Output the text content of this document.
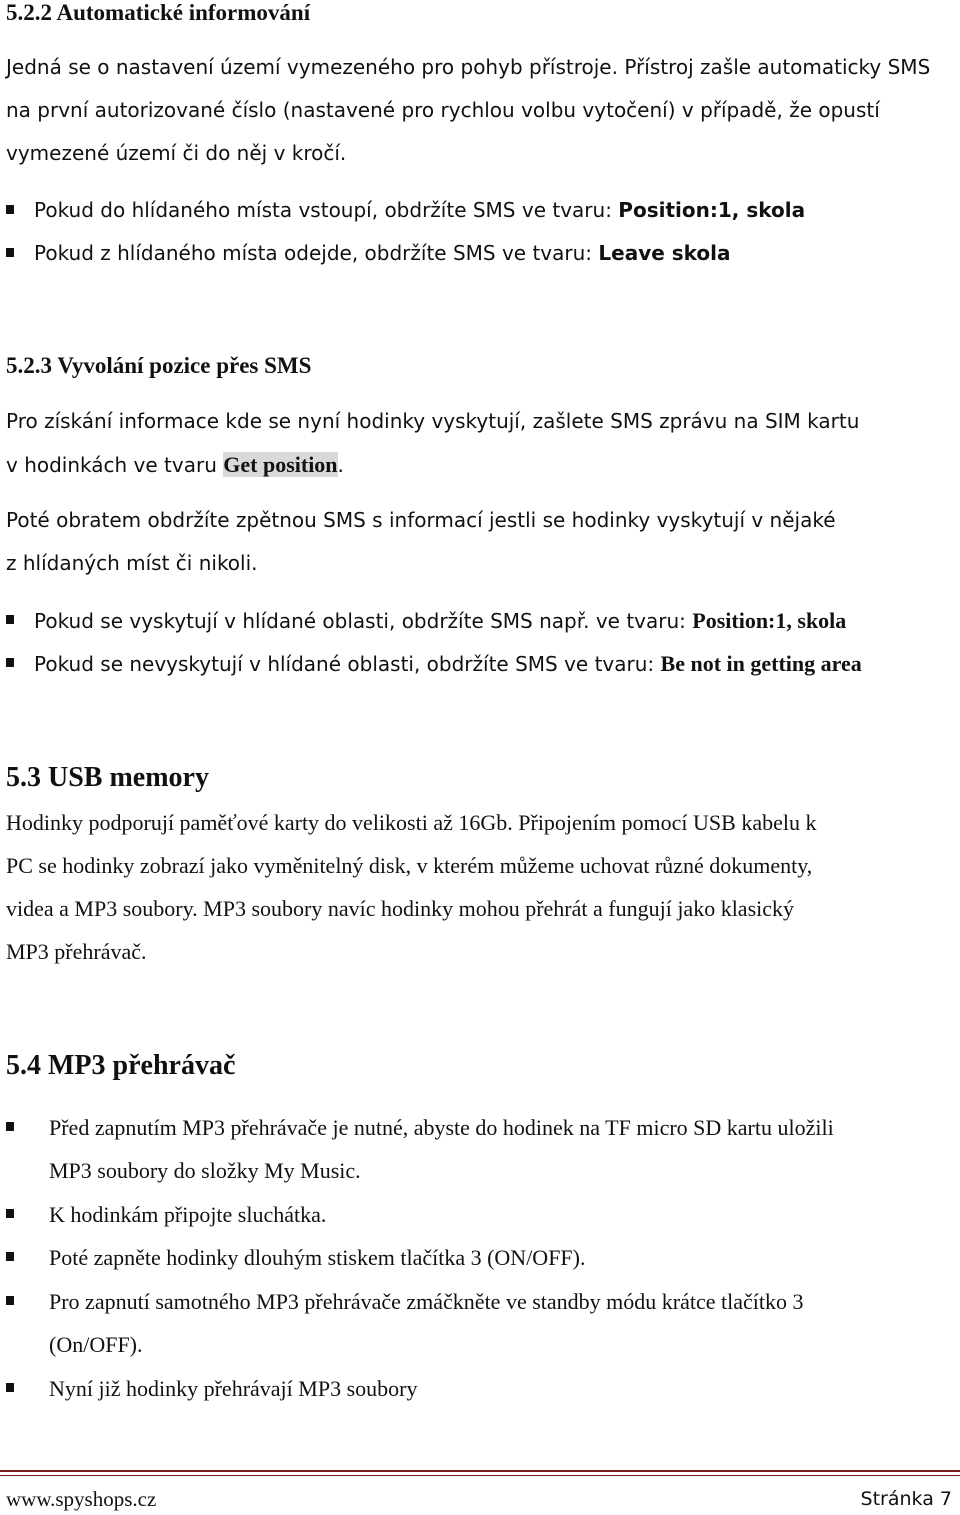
5.2.2 Automatické informování
Jedná se o nastavení území vymezeného pro pohyb přístroje. Přístroj zašle automaticky SMS
na první autorizované číslo (nastavené pro rychlou volbu vytočení) v případě, že opustí
vymezené území či do něj v kročí.
Pokud do hlídaného místa vstoupí, obdržíte SMS ve tvaru: Position:1, skola
Pokud z hlídaného místa odejde, obdržíte SMS ve tvaru: Leave skola
5.2.3 Vyvolání pozice přes SMS
Pro získání informace kde se nyní hodinky vyskytují, zašlete SMS zprávu na SIM kartu
v hodinkách ve tvaru Get position.
Poté obratem obdržíte zpětnou SMS s informací jestli se hodinky vyskytují v nějaké
z hlídaných míst či nikoli.
Pokud se vyskytují v hlídané oblasti, obdržíte SMS např. ve tvaru: Position:1, skola
Pokud se nevyskytují v hlídané oblasti, obdržíte SMS ve tvaru: Be not in getting area
5.3 USB memory
Hodinky podporují paměťové karty do velikosti až 16Gb. Připojením pomocí USB kabelu k
PC se hodinky zobrazí jako vyměnitelný disk, v kterém můžeme uchovat různé dokumenty,
videa a MP3 soubory. MP3 soubory navíc hodinky mohou přehrát a fungují jako klasický
MP3 přehrávač.
5.4 MP3 přehrávač
Před zapnutím MP3 přehrávače je nutné, abyste do hodinek na TF micro SD kartu uložili
MP3 soubory do složky My Music.
K hodinkám připojte sluchátka.
Poté zapněte hodinky dlouhým stiskem tlačítka 3 (ON/OFF).
Pro zapnutí samotného MP3 přehrávače zmáčkněte ve standby módu krátce tlačítko 3
(On/OFF).
Nyní již hodinky přehrávají MP3 soubory
www.spyshops.cz	Stránka 7
